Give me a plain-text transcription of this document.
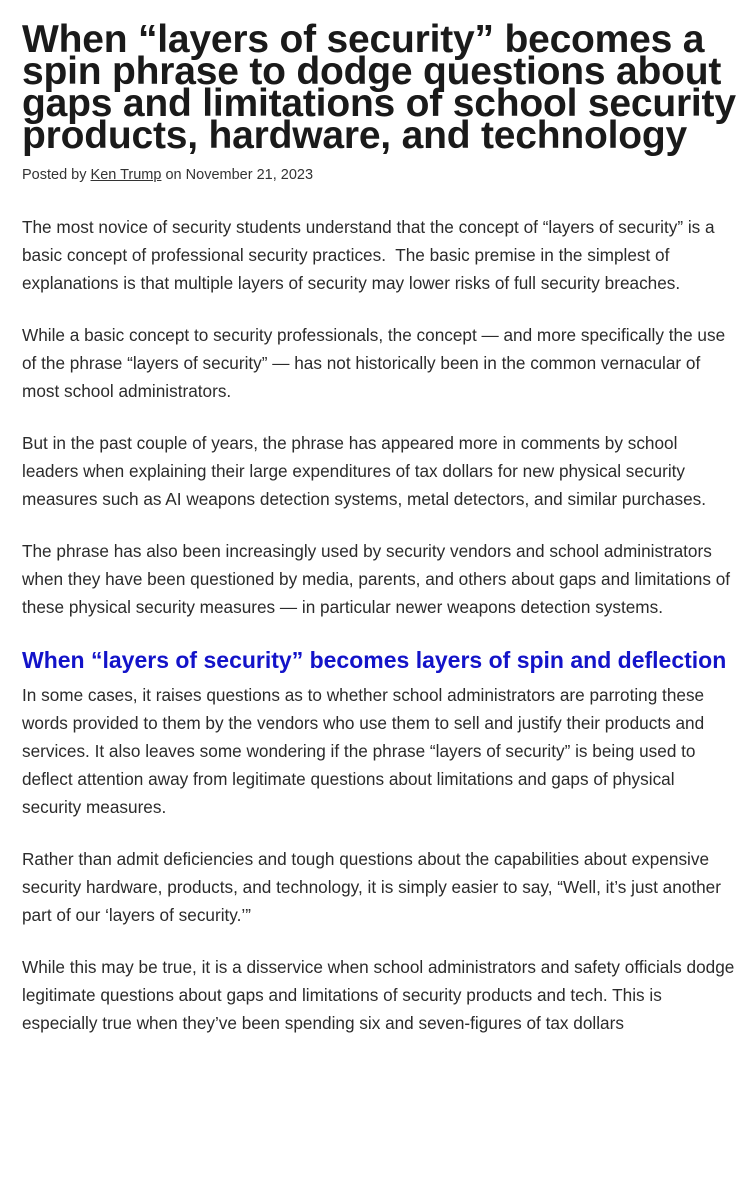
When “layers of security” becomes a spin phrase to dodge questions about gaps and limitations of school security products, hardware, and technology
Posted by Ken Trump on November 21, 2023

The most novice of security students understand that the concept of “layers of security” is a basic concept of professional security practices.  The basic premise in the simplest of explanations is that multiple layers of security may lower risks of full security breaches.

While a basic concept to security professionals, the concept — and more specifically the use of the phrase “layers of security” — has not historically been in the common vernacular of most school administrators.

But in the past couple of years, the phrase has appeared more in comments by school leaders when explaining their large expenditures of tax dollars for new physical security measures such as AI weapons detection systems, metal detectors, and similar purchases.

The phrase has also been increasingly used by security vendors and school administrators when they have been questioned by media, parents, and others about gaps and limitations of these physical security measures — in particular newer weapons detection systems.

When “layers of security” becomes layers of spin and deflection

In some cases, it raises questions as to whether school administrators are parroting these words provided to them by the vendors who use them to sell and justify their products and services. It also leaves some wondering if the phrase “layers of security” is being used to deflect attention away from legitimate questions about limitations and gaps of physical security measures.

Rather than admit deficiencies and tough questions about the capabilities about expensive security hardware, products, and technology, it is simply easier to say, “Well, it’s just another part of our ‘layers of security.’”

While this may be true, it is a disservice when school administrators and safety officials dodge legitimate questions about gaps and limitations of security products and tech. This is especially true when they’ve been spending six and seven-figures of tax dollars
